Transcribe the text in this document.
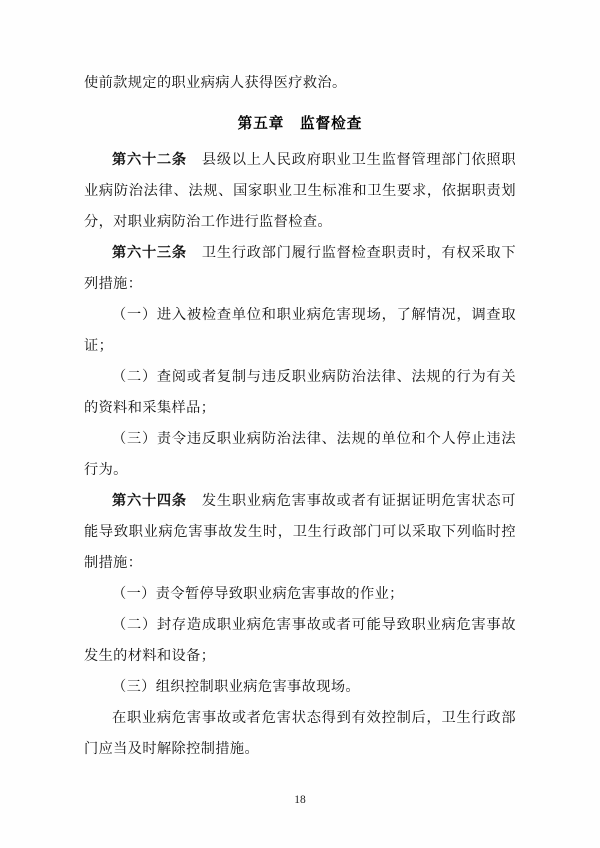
使前款规定的职业病病人获得医疗救治。

第五章　监督检查

第六十二条　县级以上人民政府职业卫生监督管理部门依照职业病防治法律、法规、国家职业卫生标准和卫生要求，依据职责划分，对职业病防治工作进行监督检查。

第六十三条　卫生行政部门履行监督检查职责时，有权采取下列措施：

（一）进入被检查单位和职业病危害现场，了解情况，调查取证；

（二）查阅或者复制与违反职业病防治法律、法规的行为有关的资料和采集样品；

（三）责令违反职业病防治法律、法规的单位和个人停止违法行为。

第六十四条　发生职业病危害事故或者有证据证明危害状态可能导致职业病危害事故发生时，卫生行政部门可以采取下列临时控制措施：

（一）责令暂停导致职业病危害事故的作业；

（二）封存造成职业病危害事故或者可能导致职业病危害事故发生的材料和设备；

（三）组织控制职业病危害事故现场。

在职业病危害事故或者危害状态得到有效控制后，卫生行政部门应当及时解除控制措施。

18
